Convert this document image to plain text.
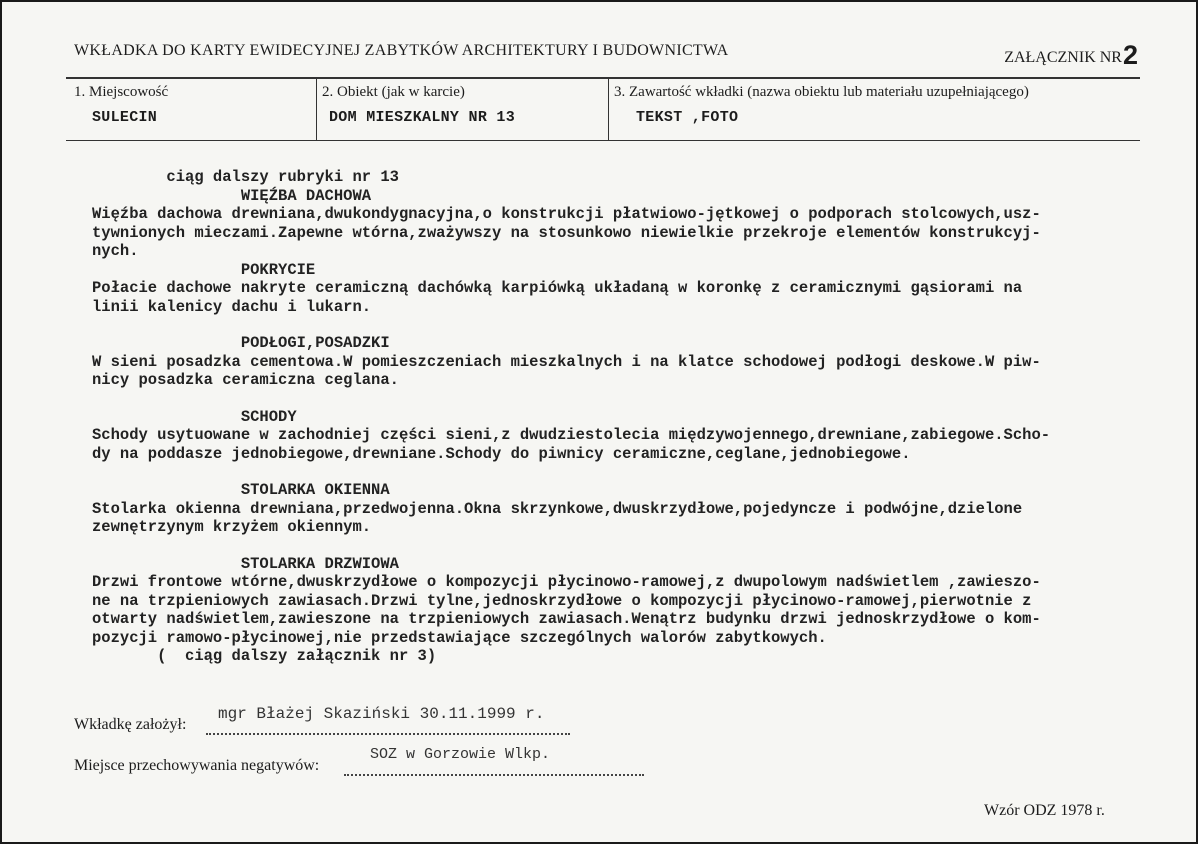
WKŁADKA DO KARTY EWIDECYJNEJ ZABYTKÓW ARCHITEKTURY I BUDOWNICTWA	ZAŁĄCZNIK NR2
1. Miejscowość
SULECIN
2. Obiekt (jak w karcie)
DOM MIESZKALNY NR 13
3. Zawartość wkładki (nazwa obiektu lub materiału uzupełniającego)
TEKST ,FOTO
ciąg dalszy rubryki nr 13
WIĘŹBA DACHOWA
Więźba dachowa drewniana,dwukondygnacyjna,o konstrukcji płatwiowo-jętkowej o podporach stolcowych,usz-
tywnionych mieczami.Zapewne wtórna,zważywszy na stosunkowo niewielkie przekroje elementów konstrukcyj-
nych.
POKRYCIE
Połacie dachowe nakryte ceramiczną dachówką karpiówką układaną w koronkę z ceramicznymi gąsiorami na
linii kalenicy dachu i lukarn.
PODŁOGI,POSADZKI
W sieni posadzka cementowa.W pomieszczeniach mieszkalnych i na klatce schodowej podłogi deskowe.W piw-
nicy posadzka ceramiczna ceglana.
SCHODY
Schody usytuowane w zachodniej części sieni,z dwudziestolecia międzywojennego,drewniane,zabiegowe.Scho-
dy na poddasze jednobiegowe,drewniane.Schody do piwnicy ceramiczne,ceglane,jednobiegowe.
STOLARKA OKIENNA
Stolarka okienna drewniana,przedwojenna.Okna skrzynkowe,dwuskrzydłowe,pojedyncze i podwójne,dzielone
zewnętrzynym krzyżem okiennym.
STOLARKA DRZWIOWA
Drzwi frontowe wtórne,dwuskrzydłowe o kompozycji płycinowo-ramowej,z dwupolowym nadświetlem ,zawieszo-
ne na trzpieniowych zawiasach.Drzwi tylne,jednoskrzydłowe o kompozycji płycinowo-ramowej,pierwotnie z
otwarty nadświetlem,zawieszone na trzpieniowych zawiasach.Wenątrz budynku drzwi jednoskrzydłowe o kom-
pozycji ramowo-płycinowej,nie przedstawiające szczególnych walorów zabytkowych.
(  ciąg dalszy załącznik nr 3)
Wkładkę założył:
mgr Błażej Skaziński 30.11.1999 r.
Miejsce przechowywania negatywów:
SOZ w Gorzowie Wlkp.
Wzór ODZ 1978 r.
